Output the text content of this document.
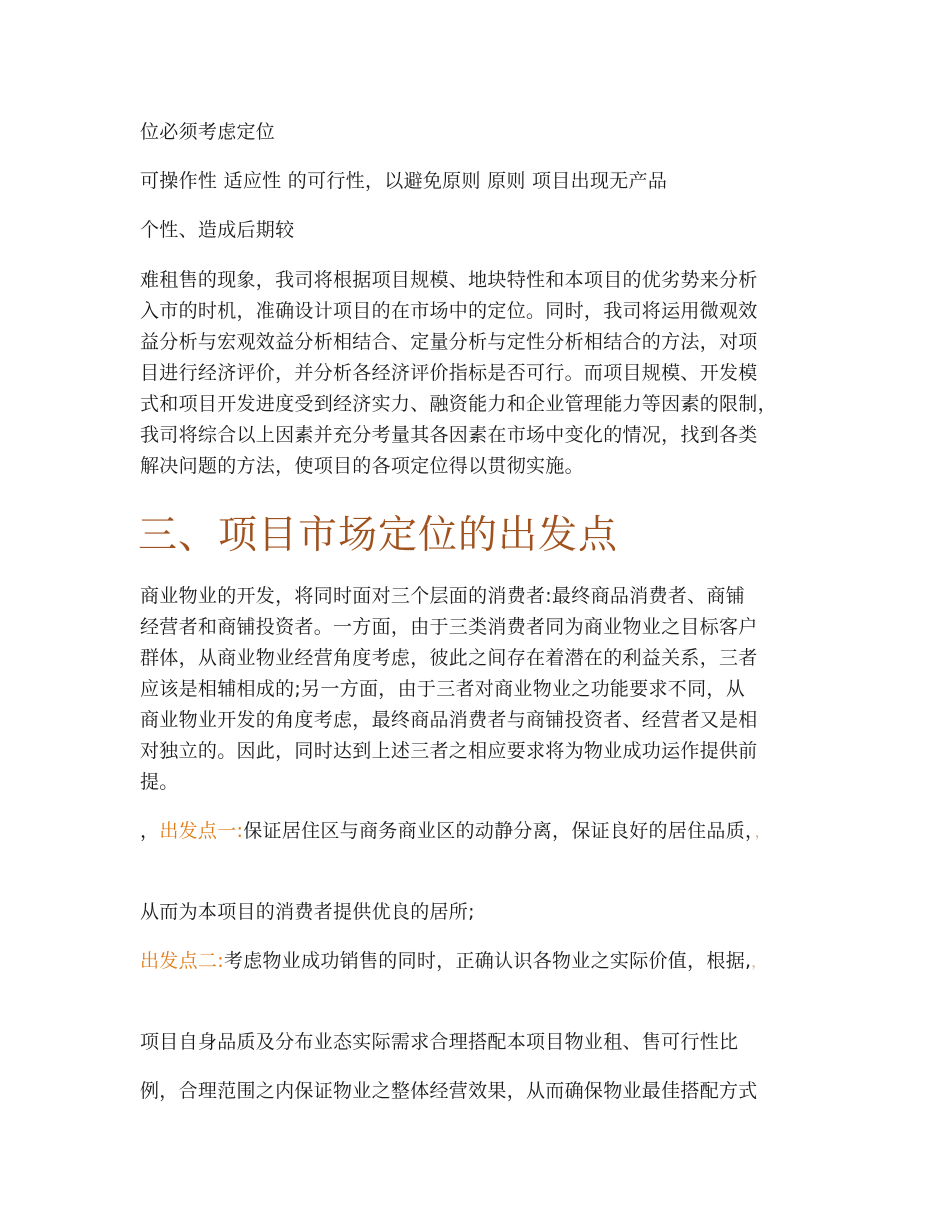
位必须考虑定位
可操作性 适应性 的可行性，以避免原则 原则 项目出现无产品
个性、造成后期较
难租售的现象，我司将根据项目规模、地块特性和本项目的优劣势来分析
入市的时机，准确设计项目的在市场中的定位。同时，我司将运用微观效
益分析与宏观效益分析相结合、定量分析与定性分析相结合的方法，对项
目进行经济评价，并分析各经济评价指标是否可行。而项目规模、开发模
式和项目开发进度受到经济实力、融资能力和企业管理能力等因素的限制，
我司将综合以上因素并充分考量其各因素在市场中变化的情况，找到各类
解决问题的方法，使项目的各项定位得以贯彻实施。
三、项目市场定位的出发点
商业物业的开发，将同时面对三个层面的消费者:最终商品消费者、商铺
经营者和商铺投资者。一方面，由于三类消费者同为商业物业之目标客户
群体，从商业物业经营角度考虑，彼此之间存在着潜在的利益关系，三者
应该是相辅相成的;另一方面，由于三者对商业物业之功能要求不同，从
商业物业开发的角度考虑，最终商品消费者与商铺投资者、经营者又是相
对独立的。因此，同时达到上述三者之相应要求将为物业成功运作提供前
提。
，出发点一:保证居住区与商务商业区的动静分离，保证良好的居住品质，，
从而为本项目的消费者提供优良的居所;
出发点二:考虑物业成功销售的同时，正确认识各物业之实际价值，根据,，
项目自身品质及分布业态实际需求合理搭配本项目物业租、售可行性比
例，合理范围之内保证物业之整体经营效果，从而确保物业最佳搭配方式
